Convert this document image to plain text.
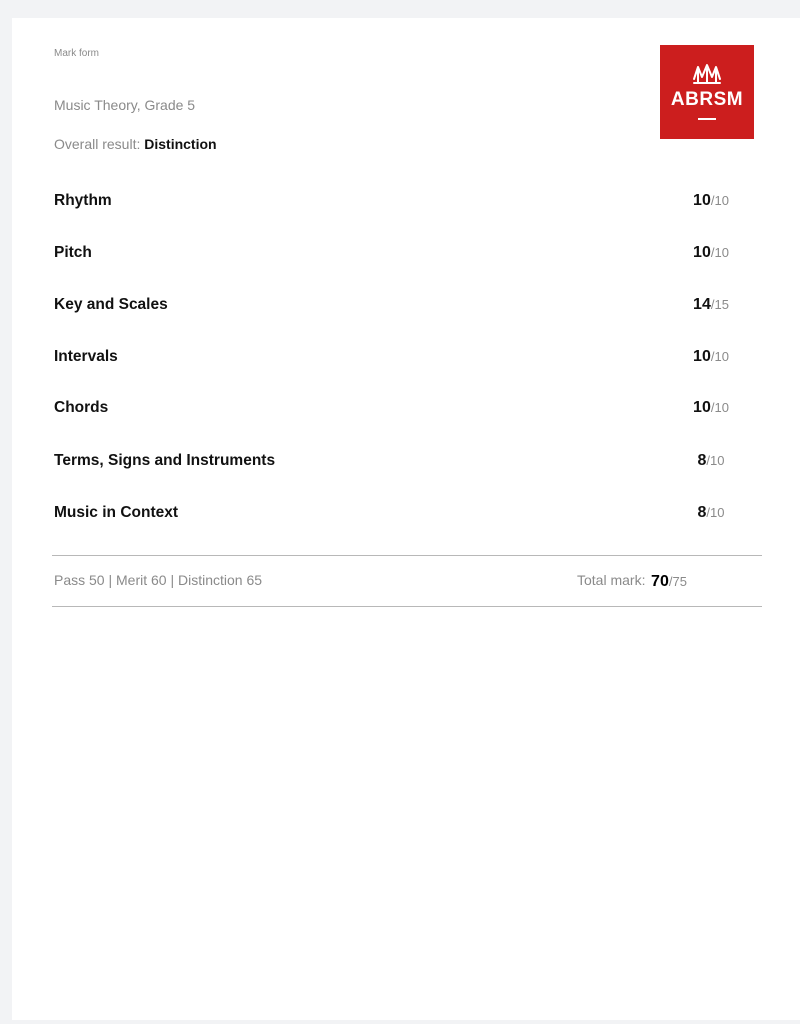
Mark form
Music Theory, Grade 5
Overall result: Distinction
ABRSM
Rhythm	10/10
Pitch	10/10
Key and Scales	14/15
Intervals	10/10
Chords	10/10
Terms, Signs and Instruments	8/10
Music in Context	8/10
Pass 50 | Merit 60 | Distinction 65	Total mark: 70/75
